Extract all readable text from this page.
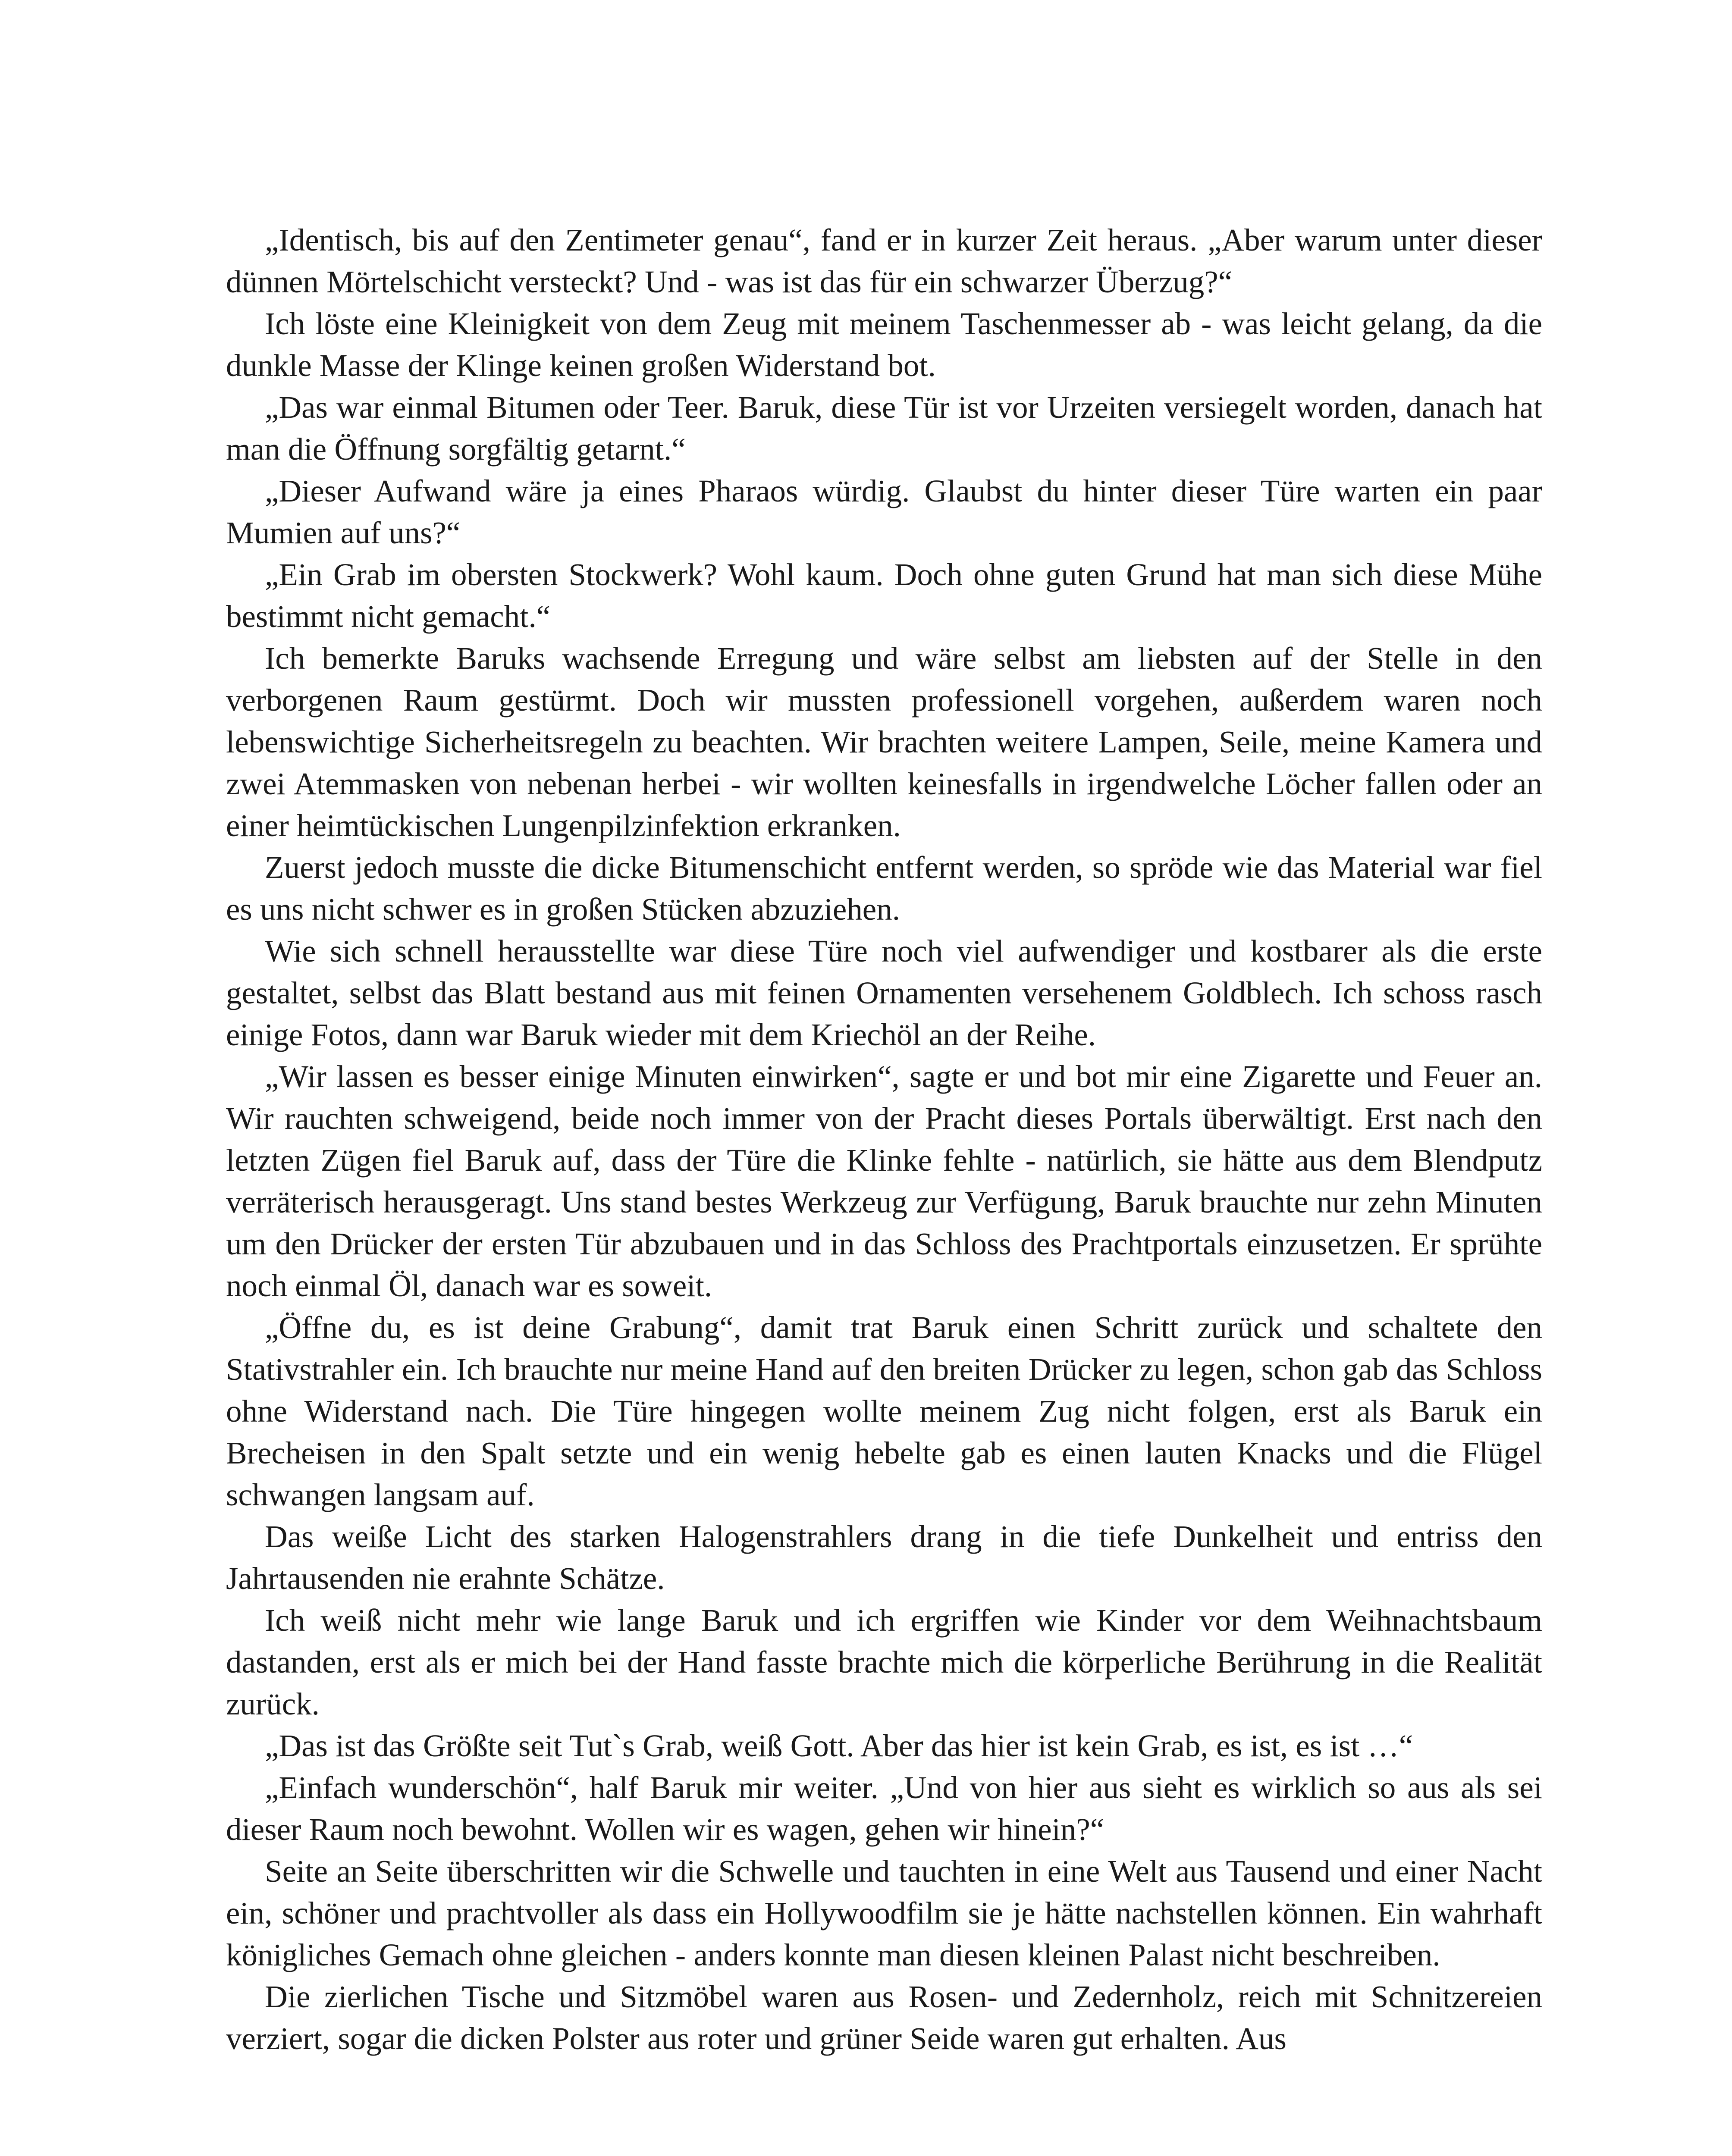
„Identisch, bis auf den Zentimeter genau“, fand er in kurzer Zeit heraus. „Aber warum unter dieser dünnen Mörtelschicht versteckt? Und - was ist das für ein schwarzer Überzug?“

Ich löste eine Kleinigkeit von dem Zeug mit meinem Taschenmesser ab - was leicht gelang, da die dunkle Masse der Klinge keinen großen Widerstand bot.

„Das war einmal Bitumen oder Teer. Baruk, diese Tür ist vor Urzeiten versiegelt worden, danach hat man die Öffnung sorgfältig getarnt.“

„Dieser Aufwand wäre ja eines Pharaos würdig. Glaubst du hinter dieser Türe warten ein paar Mumien auf uns?“

„Ein Grab im obersten Stockwerk? Wohl kaum. Doch ohne guten Grund hat man sich diese Mühe bestimmt nicht gemacht.“

Ich bemerkte Baruks wachsende Erregung und wäre selbst am liebsten auf der Stelle in den verborgenen Raum gestürmt. Doch wir mussten professionell vorgehen, außerdem waren noch lebenswichtige Sicherheitsregeln zu beachten. Wir brachten weitere Lampen, Seile, meine Kamera und zwei Atemmasken von nebenan herbei - wir wollten keinesfalls in irgendwelche Löcher fallen oder an einer heimtückischen Lungenpilzinfektion erkranken.

Zuerst jedoch musste die dicke Bitumenschicht entfernt werden, so spröde wie das Material war fiel es uns nicht schwer es in großen Stücken abzuziehen.

Wie sich schnell herausstellte war diese Türe noch viel aufwendiger und kostbarer als die erste gestaltet, selbst das Blatt bestand aus mit feinen Ornamenten versehenem Goldblech. Ich schoss rasch einige Fotos, dann war Baruk wieder mit dem Kriechöl an der Reihe.

„Wir lassen es besser einige Minuten einwirken“, sagte er und bot mir eine Zigarette und Feuer an. Wir rauchten schweigend, beide noch immer von der Pracht dieses Portals überwältigt. Erst nach den letzten Zügen fiel Baruk auf, dass der Türe die Klinke fehlte - natürlich, sie hätte aus dem Blendputz verräterisch herausgeragt. Uns stand bestes Werkzeug zur Verfügung, Baruk brauchte nur zehn Minuten um den Drücker der ersten Tür abzubauen und in das Schloss des Prachtportals einzusetzen. Er sprühte noch einmal Öl, danach war es soweit.

„Öffne du, es ist deine Grabung“, damit trat Baruk einen Schritt zurück und schaltete den Stativstrahler ein. Ich brauchte nur meine Hand auf den breiten Drücker zu legen, schon gab das Schloss ohne Widerstand nach. Die Türe hingegen wollte meinem Zug nicht folgen, erst als Baruk ein Brecheisen in den Spalt setzte und ein wenig hebelte gab es einen lauten Knacks und die Flügel schwangen langsam auf.

Das weiße Licht des starken Halogenstrahlers drang in die tiefe Dunkelheit und entriss den Jahrtausenden nie erahnte Schätze.

Ich weiß nicht mehr wie lange Baruk und ich ergriffen wie Kinder vor dem Weihnachtsbaum dastanden, erst als er mich bei der Hand fasste brachte mich die körperliche Berührung in die Realität zurück.

„Das ist das Größte seit Tut`s Grab, weiß Gott. Aber das hier ist kein Grab, es ist, es ist …“

„Einfach wunderschön“, half Baruk mir weiter. „Und von hier aus sieht es wirklich so aus als sei dieser Raum noch bewohnt. Wollen wir es wagen, gehen wir hinein?“

Seite an Seite überschritten wir die Schwelle und tauchten in eine Welt aus Tausend und einer Nacht ein, schöner und prachtvoller als dass ein Hollywoodfilm sie je hätte nachstellen können. Ein wahrhaft königliches Gemach ohne gleichen - anders konnte man diesen kleinen Palast nicht beschreiben.

Die zierlichen Tische und Sitzmöbel waren aus Rosen- und Zedernholz, reich mit Schnitzereien verziert, sogar die dicken Polster aus roter und grüner Seide waren gut erhalten. Aus
